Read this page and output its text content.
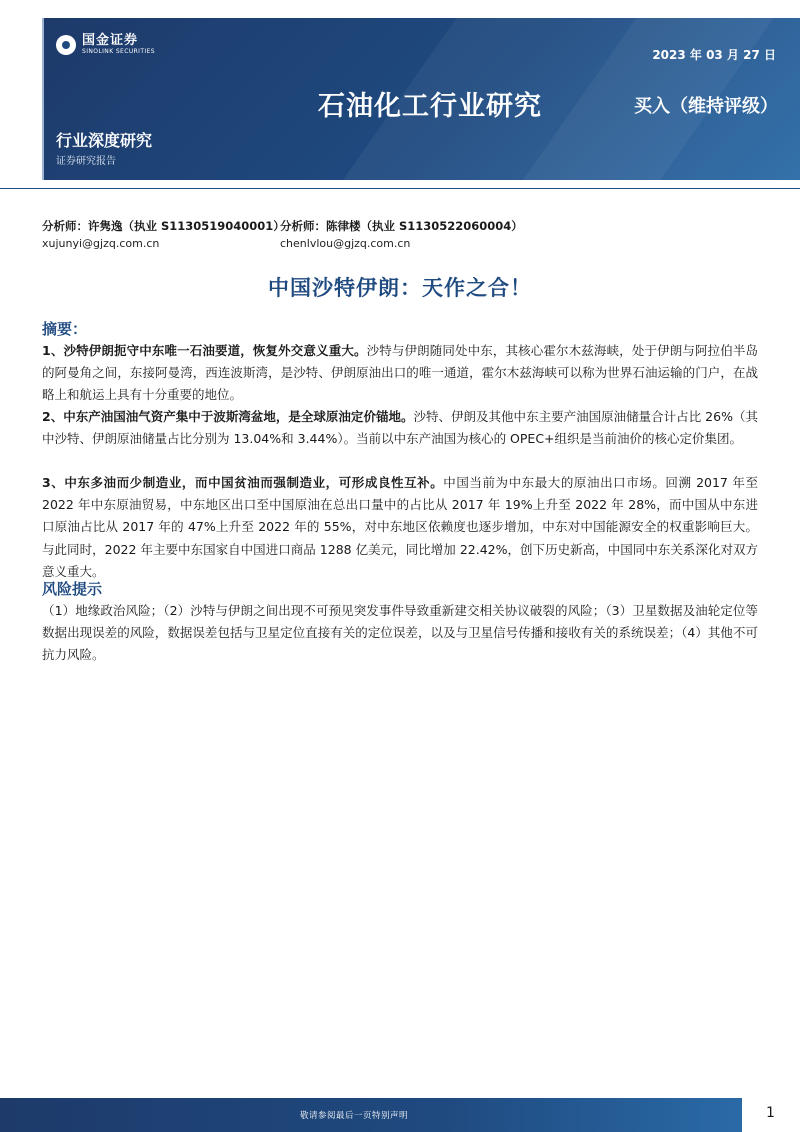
国金证券
SINOLINK SECURITIES	2023 年 03 月 27 日
石油化工行业研究	买入（维持评级）
行业深度研究
证券研究报告
分析师：许隽逸（执业 S1130519040001）
xujunyi@gjzq.com.cn
分析师：陈律楼（执业 S1130522060004）
chenlvlou@gjzq.com.cn
中国沙特伊朗：天作之合！
摘要：
1、沙特伊朗扼守中东唯一石油要道，恢复外交意义重大。沙特与伊朗随同处中东，其核心霍尔木兹海峡，处于伊朗与阿拉伯半岛的阿曼角之间，东接阿曼湾，西连波斯湾，是沙特、伊朗原油出口的唯一通道，霍尔木兹海峡可以称为世界石油运输的门户，在战略上和航运上具有十分重要的地位。
2、中东产油国油气资产集中于波斯湾盆地，是全球原油定价锚地。沙特、伊朗及其他中东主要产油国原油储量合计占比 26%（其中沙特、伊朗原油储量占比分别为 13.04%和 3.44%）。当前以中东产油国为核心的 OPEC+组织是当前油价的核心定价集团。
3、中东多油而少制造业，而中国贫油而强制造业，可形成良性互补。中国当前为中东最大的原油出口市场。回溯 2017 年至 2022 年中东原油贸易，中东地区出口至中国原油在总出口量中的占比从 2017 年 19%上升至 2022 年 28%，而中国从中东进口原油占比从 2017 年的 47%上升至 2022 年的 55%，对中东地区依赖度也逐步增加，中东对中国能源安全的权重影响巨大。与此同时，2022 年主要中东国家自中国进口商品 1288 亿美元，同比增加 22.42%，创下历史新高，中国同中东关系深化对双方意义重大。
风险提示
（1）地缘政治风险；（2）沙特与伊朗之间出现不可预见突发事件导致重新建交相关协议破裂的风险；（3）卫星数据及油轮定位等数据出现误差的风险，数据误差包括与卫星定位直接有关的定位误差，以及与卫星信号传播和接收有关的系统误差；（4）其他不可抗力风险。
敬请参阅最后一页特别声明	1
